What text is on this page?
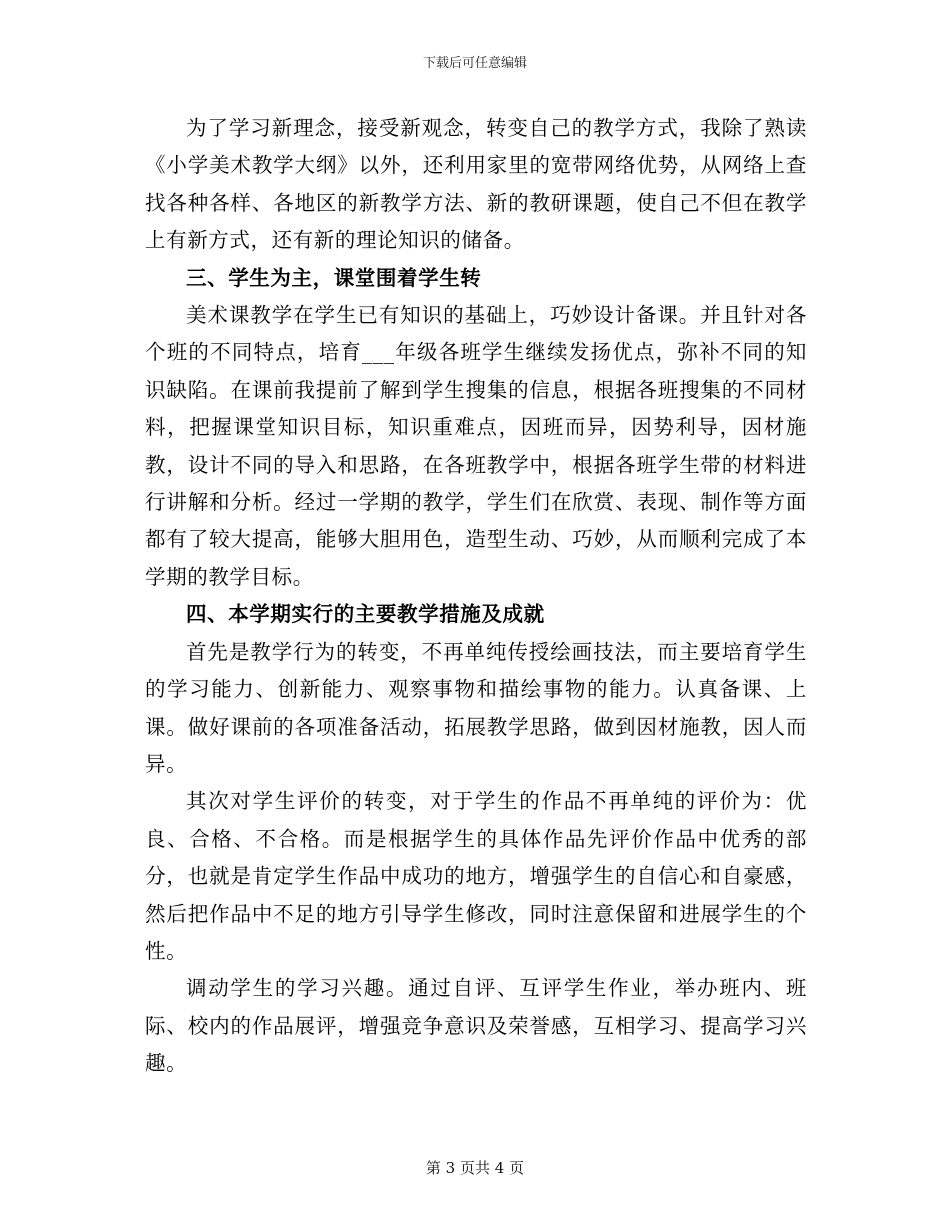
下载后可任意编辑

为了学习新理念，接受新观念，转变自己的教学方式，我除了熟读《小学美术教学大纲》以外，还利用家里的宽带网络优势，从网络上查找各种各样、各地区的新教学方法、新的教研课题，使自己不但在教学上有新方式，还有新的理论知识的储备。

三、学生为主，课堂围着学生转

美术课教学在学生已有知识的基础上，巧妙设计备课。并且针对各个班的不同特点，培育___年级各班学生继续发扬优点，弥补不同的知识缺陷。在课前我提前了解到学生搜集的信息，根据各班搜集的不同材料，把握课堂知识目标，知识重难点，因班而异，因势利导，因材施教，设计不同的导入和思路，在各班教学中，根据各班学生带的材料进行讲解和分析。经过一学期的教学，学生们在欣赏、表现、制作等方面都有了较大提高，能够大胆用色，造型生动、巧妙，从而顺利完成了本学期的教学目标。

四、本学期实行的主要教学措施及成就

首先是教学行为的转变，不再单纯传授绘画技法，而主要培育学生的学习能力、创新能力、观察事物和描绘事物的能力。认真备课、上课。做好课前的各项准备活动，拓展教学思路，做到因材施教，因人而异。

其次对学生评价的转变，对于学生的作品不再单纯的评价为：优良、合格、不合格。而是根据学生的具体作品先评价作品中优秀的部分，也就是肯定学生作品中成功的地方，增强学生的自信心和自豪感，然后把作品中不足的地方引导学生修改，同时注意保留和进展学生的个性。

调动学生的学习兴趣。通过自评、互评学生作业，举办班内、班际、校内的作品展评，增强竞争意识及荣誉感，互相学习、提高学习兴趣。

第 3 页共 4 页
